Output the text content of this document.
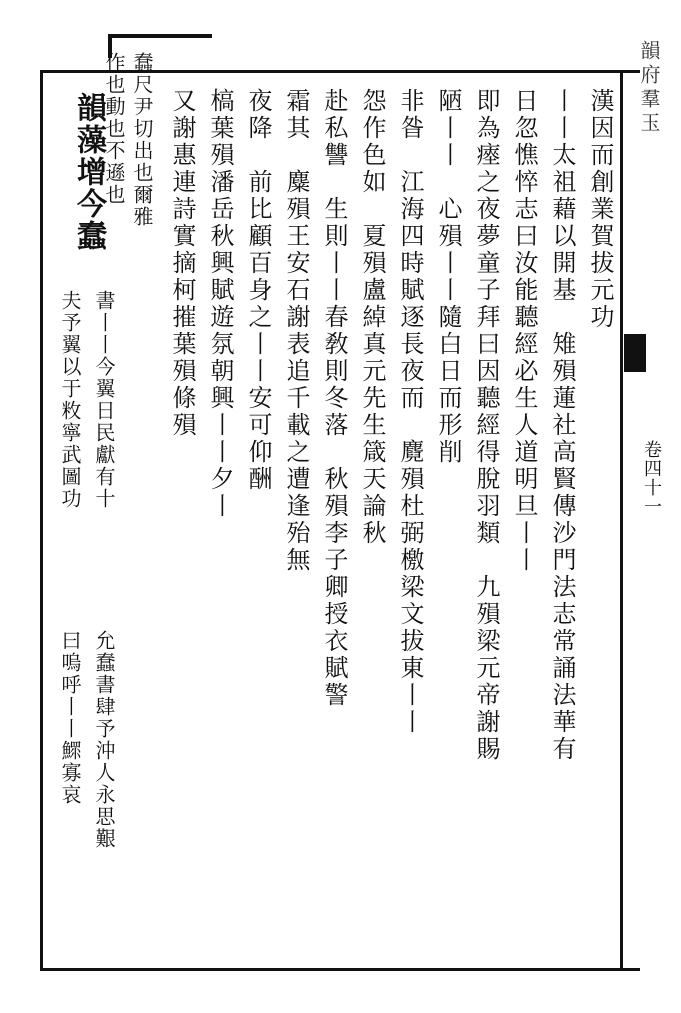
韻府羣玉
卷四十一
漢因而創業賀拔元功
丨丨太祖藉以開基　雉殞蓮社高賢傳沙門法志常誦法華有
日忽憔悴志曰汝能聽經必生人道明旦丨丨
即為瘞之夜夢童子拜曰因聽經得脫羽類　九殞梁元帝謝賜
陋丨丨　心殞丨丨隨白日而形削
非昝　江海四時賦逐長夜而　麑殞杜弼檄梁文拔東丨丨
怨作色如　夏殞盧綽真元先生箴天論秋
赴私讐　生則丨丨春敎則冬落　秋殞李子卿授衣賦警
霜其　麋殞王安石謝表追千載之遭逢殆無
夜降　前比顧百身之丨丨安可仰酬
槁葉殞潘岳秋興賦遊氛朝興丨丨夕丨
又謝惠連詩實摘柯摧葉殞條殞
蠢尺尹切出也爾雅
作也動也不遜也
韻藻增今蠢
書丨丨今翼日民獻有十
夫予翼以于敉寧武圖功
允蠢書肆予沖人永思艱
曰嗚呼丨丨鰥寡哀
